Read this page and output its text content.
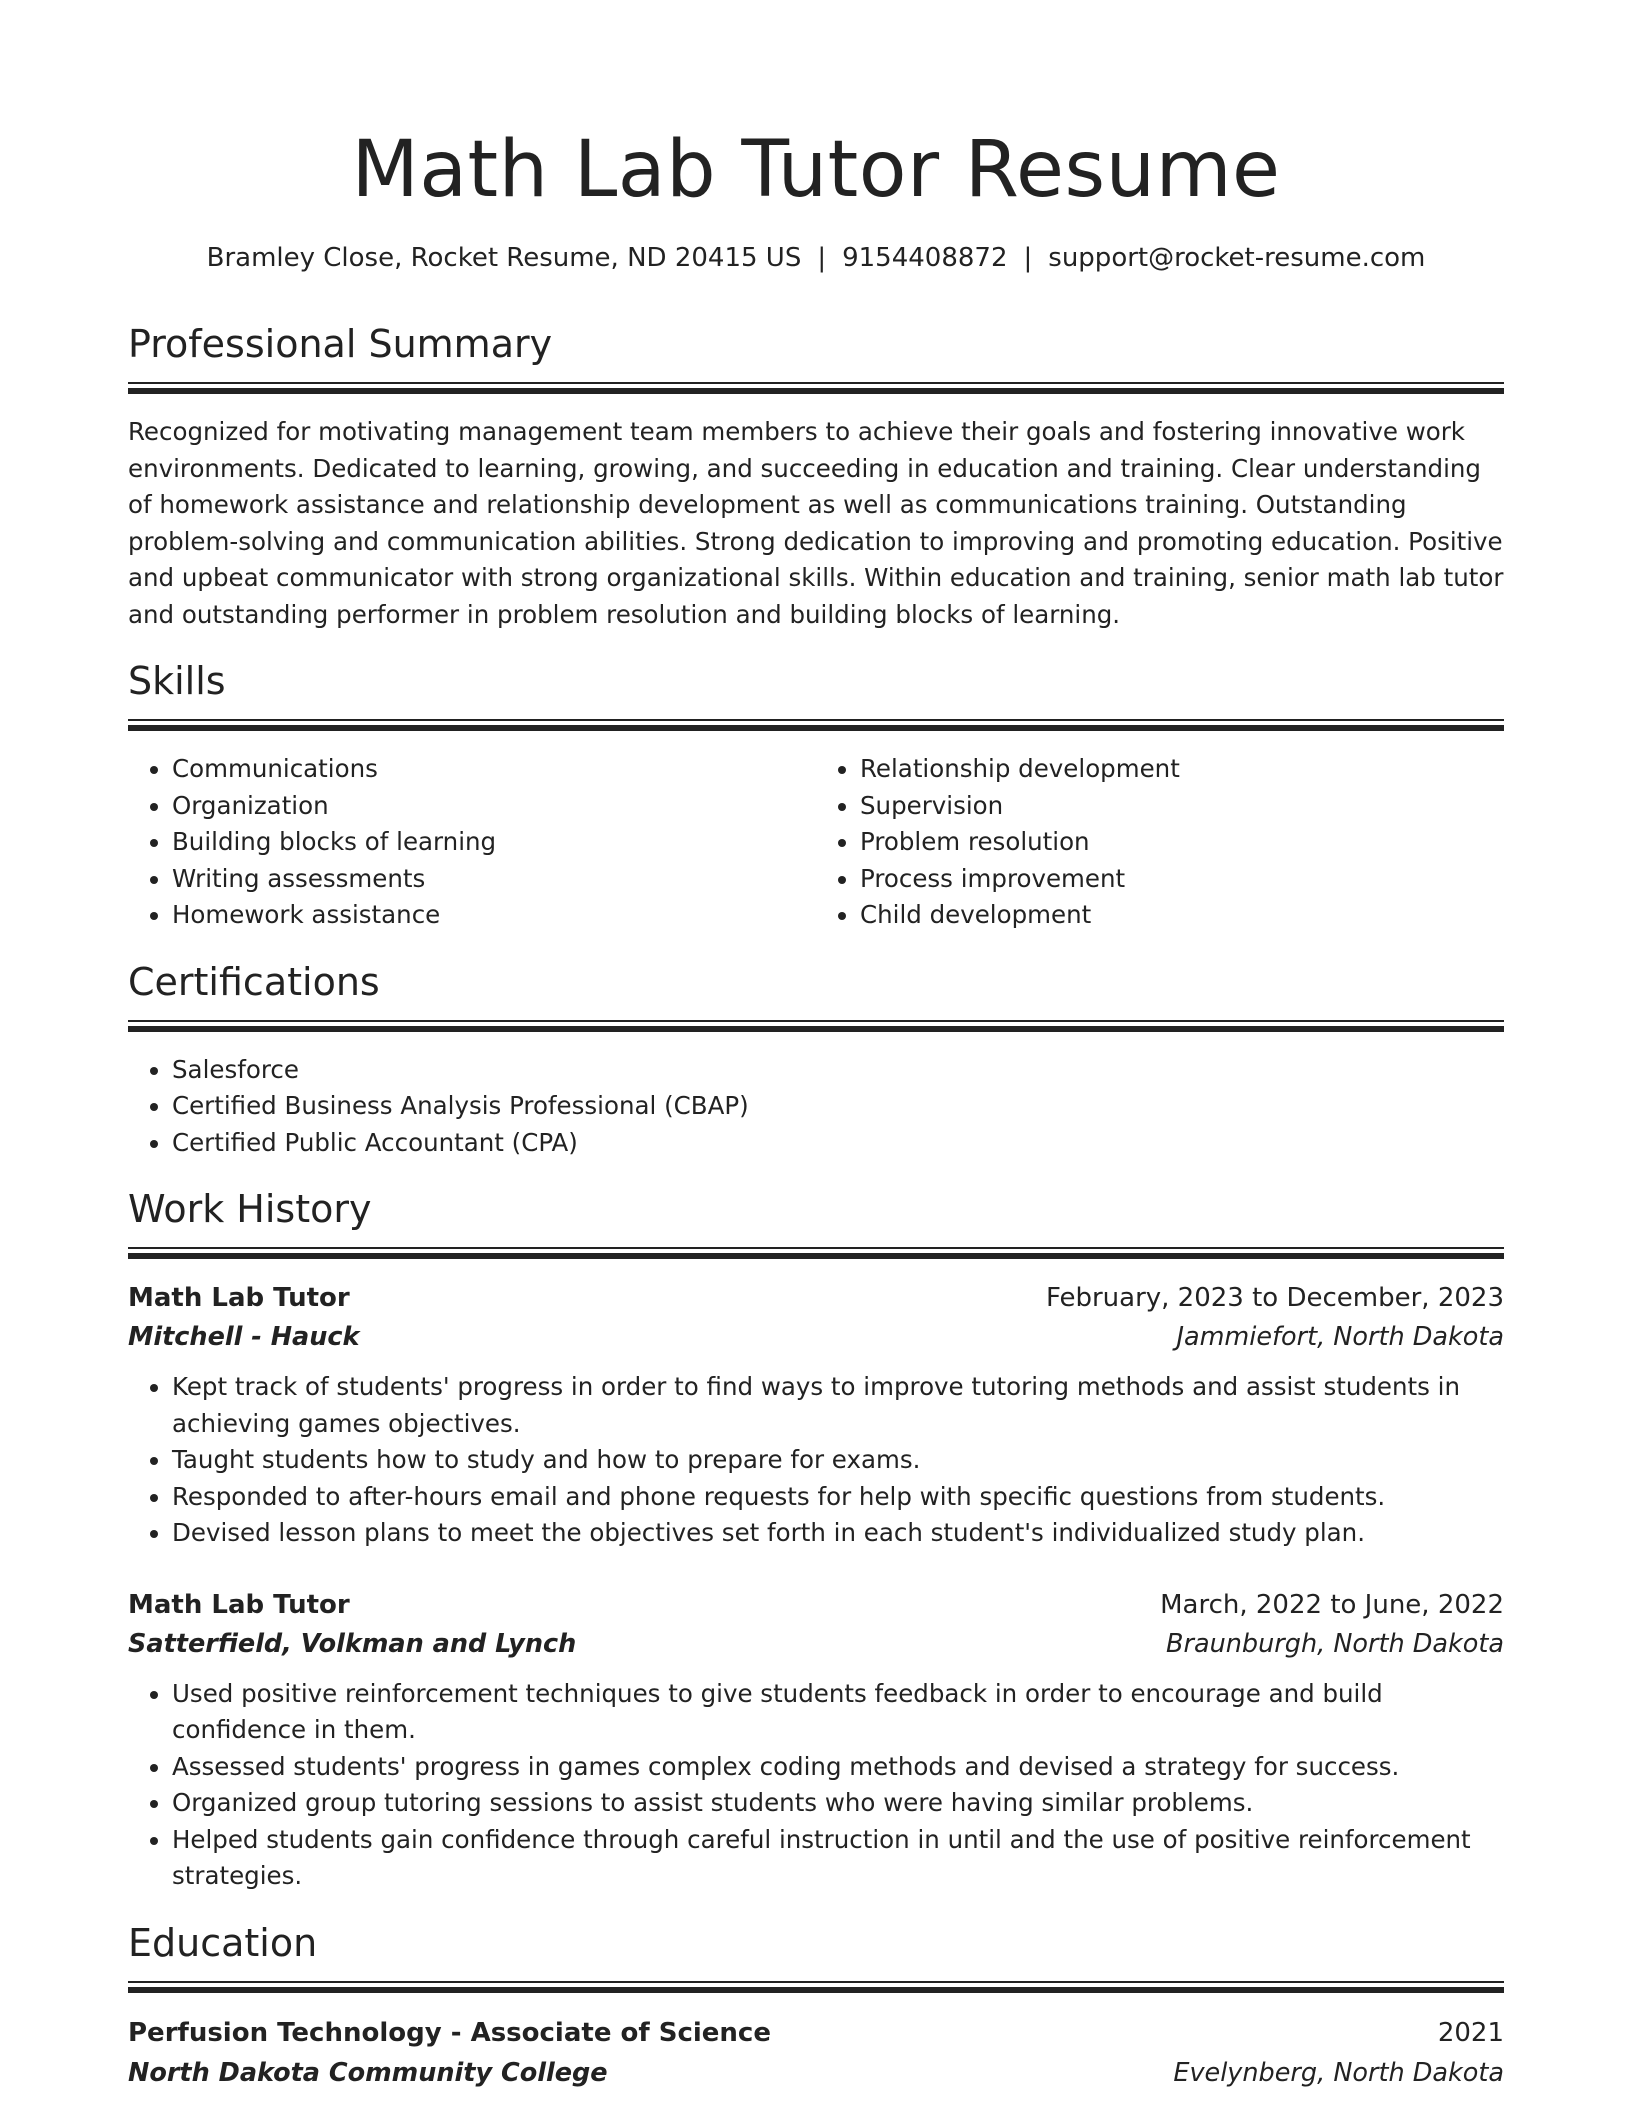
Math Lab Tutor Resume
Bramley Close, Rocket Resume, ND 20415 US | 9154408872 | support@rocket-resume.com
Professional Summary

Recognized for motivating management team members to achieve their goals and fostering innovative work environments. Dedicated to learning, growing, and succeeding in education and training. Clear understanding of homework assistance and relationship development as well as communications training. Outstanding problem-solving and communication abilities. Strong dedication to improving and promoting education. Positive and upbeat communicator with strong organizational skills. Within education and training, senior math lab tutor and outstanding performer in problem resolution and building blocks of learning.

Skills
• Communications
• Organization
• Building blocks of learning
• Writing assessments
• Homework assistance
• Relationship development
• Supervision
• Problem resolution
• Process improvement
• Child development
Certifications
• Salesforce
• Certified Business Analysis Professional (CBAP)
• Certified Public Accountant (CPA)
Work History
Math Lab Tutor	February, 2023 to December, 2023
Mitchell - Hauck	Jammiefort, North Dakota
• Kept track of students' progress in order to find ways to improve tutoring methods and assist students in achieving games objectives.
• Taught students how to study and how to prepare for exams.
• Responded to after-hours email and phone requests for help with specific questions from students.
• Devised lesson plans to meet the objectives set forth in each student's individualized study plan.
Math Lab Tutor	March, 2022 to June, 2022
Satterfield, Volkman and Lynch	Braunburgh, North Dakota
• Used positive reinforcement techniques to give students feedback in order to encourage and build confidence in them.
• Assessed students' progress in games complex coding methods and devised a strategy for success.
• Organized group tutoring sessions to assist students who were having similar problems.
• Helped students gain confidence through careful instruction in until and the use of positive reinforcement strategies.
Education
Perfusion Technology - Associate of Science	2021
North Dakota Community College	Evelynberg, North Dakota
